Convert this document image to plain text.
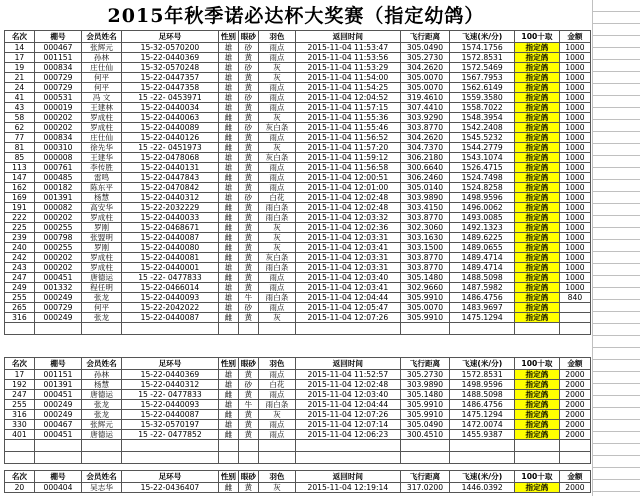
2015年秋季诺必达杯大奖赛（指定幼鸽）
名次	棚号	会员姓名	足环号	性别	眼砂	羽色	返回时间	飞行距离	飞速(米/分)	100十取	金额
14	000467	张辉元	15-32-0570200	雄	砂	雨点	2015-11-04 11:53:47	305.0490	1574.1756	指定鸽	1000
17	001151	孙林	15-22-0440369	雄	黄	雨点	2015-11-04 11:53:56	305.2730	1572.8531	指定鸽	1000
19	000834	庄仕仙	15-32-0570248	雄	砂	灰	2015-11-04 11:53:29	304.2620	1572.5469	指定鸽	1000
21	000729	何平	15-22-0447357	雄	黄	灰	2015-11-04 11:54:00	305.0070	1567.7953	指定鸽	1000
24	000729	何平	15-22-0447358	雄	黄	雨点	2015-11-04 11:54:25	305.0070	1562.6149	指定鸽	1000
41	000531	冯 文	15 -22- 0453971	雄	砂	雨点	2015-11-04 12:04:52	319.4610	1559.3580	指定鸽	1000
43	000019	王建林	15-22-0440034	雄	黄	雨点	2015-11-04 11:57:15	307.4410	1558.7022	指定鸽	1000
58	000202	罗成柱	15-22-0440063	雌	黄	灰	2015-11-04 11:55:36	303.9290	1548.3954	指定鸽	1000
62	000202	罗成柱	15-22-0440089	雌	砂	灰白条	2015-11-04 11:55:46	303.8770	1542.2408	指定鸽	1000
77	000834	庄仕仙	15-22-0440126	雌	黄	雨点	2015-11-04 11:56:52	304.2620	1545.5232	指定鸽	1000
81	000310	徐先华	15 -22- 0451973	雌	黄	灰	2015-11-04 11:57:20	304.7370	1544.2779	指定鸽	1000
85	000008	王建华	15-22-0478068	雄	黄	灰白条	2015-11-04 11:59:12	306.2180	1543.1074	指定鸽	1000
113	000761	李传胜	15-22-0440131	雄	黄	雨点	2015-11-04 11:56:58	300.6640	1526.4715	指定鸽	1000
147	000485	雷鸣	15-22-0447843	雌	黄	雨点	2015-11-04 12:00:51	306.2460	1524.7498	指定鸽	1000
162	000182	陈东平	15-22-0470842	雄	黄	雨点	2015-11-04 12:01:00	305.0140	1524.8258	指定鸽	1000
169	001391	杨慧	15-22-0440312	雄	砂	白花	2015-11-04 12:02:48	303.9890	1498.9596	指定鸽	1000
191	000082	高安华	15-22-2032229	雌	黄	雨白条	2015-11-04 12:02:48	303.4150	1496.0062	指定鸽	1000
222	000202	罗成柱	15-22-0440033	雌	黄	雨白条	2015-11-04 12:03:32	303.8770	1493.0085	指定鸽	1000
225	000255	罗刚	15-22-0468671	雌	黄	灰	2015-11-04 12:02:36	302.3060	1492.1323	指定鸽	1000
239	000798	张盟明	15-22-0440087	雌	黄	灰	2015-11-04 12:03:31	303.1630	1489.6225	指定鸽	1000
240	000255	罗刚	15-22-0440080	雌	黄	灰	2015-11-04 12:03:41	303.1500	1489.0655	指定鸽	1000
242	000202	罗成柱	15-22-0440081	雌	黄	灰白条	2015-11-04 12:03:31	303.8770	1489.4714	指定鸽	1000
243	000202	罗成柱	15-22-0440001	雄	黄	雨白条	2015-11-04 12:03:31	303.8770	1489.4714	指定鸽	1000
247	000451	唐德运	15 -22- 0477833	雌	黄	雨点	2015-11-04 12:03:40	305.1480	1488.5098	指定鸽	1000
249	001332	程任明	15-22-0466014	雄	黄	雨点	2015-11-04 12:03:41	302.9660	1487.5982	指定鸽	1000
255	000249	张龙	15-22-0440093	雄	牛	雨白条	2015-11-04 12:04:44	305.9910	1486.4756	指定鸽	840
265	000729	何平	15-22-2042022	雄	砂	雨点	2015-11-04 12:05:47	305.0070	1483.9697	指定鸽	
316	000249	张龙	15-22-0440087	雌	黄	灰	2015-11-04 12:07:26	305.9910	1475.1294	指定鸽	

名次	棚号	会员姓名	足环号	性别	眼砂	羽色	返回时间	飞行距离	飞速(米/分)	100十取	金额
17	001151	孙林	15-22-0440369	雄	黄	雨点	2015-11-04 11:52:57	305.2730	1572.8531	指定鸽	2000
192	001391	杨慧	15-22-0440312	雄	砂	白花	2015-11-04 12:02:48	303.9890	1498.9596	指定鸽	2000
247	000451	唐德运	15 -22- 0477833	雌	黄	雨点	2015-11-04 12:03:40	305.1480	1488.5098	指定鸽	2000
255	000249	张龙	15-22-0440093	雄	牛	雨白条	2015-11-04 12:04:44	305.9910	1486.4756	指定鸽	2000
316	000249	张龙	15-22-0440087	雌	黄	灰	2015-11-04 12:07:26	305.9910	1475.1294	指定鸽	2000
330	000467	张辉元	15-32-0570197	雄	黄	雨点	2015-11-04 12:07:14	305.0490	1472.0074	指定鸽	2000
401	000451	唐德运	15 -22- 0477852	雌	黄	雨点	2015-11-04 12:06:23	300.4510	1455.9387	指定鸽	2000

名次	棚号	会员姓名	足环号	性别	眼砂	羽色	返回时间	飞行距离	飞速(米/分)	100十取	金额
20	000404	吴志华	15-22-0436407	雌	黄	灰	2015-11-04 12:19:14	317.0200	1446.0392	指定鸽	2000
